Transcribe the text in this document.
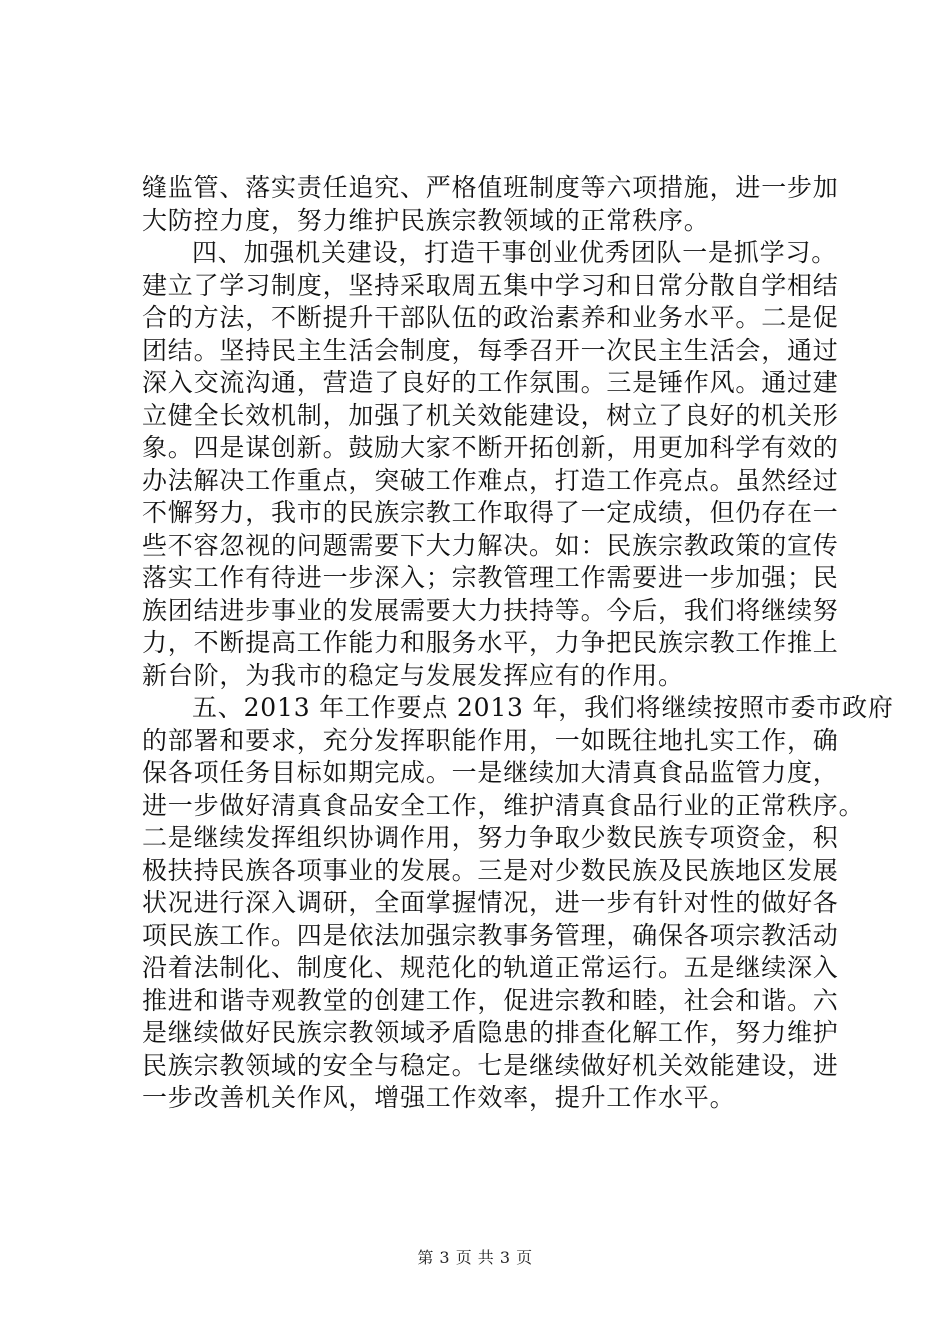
缝监管、落实责任追究、严格值班制度等六项措施，进一步加
大防控力度，努力维护民族宗教领域的正常秩序。
四、加强机关建设，打造干事创业优秀团队一是抓学习。
建立了学习制度，坚持采取周五集中学习和日常分散自学相结
合的方法，不断提升干部队伍的政治素养和业务水平。二是促
团结。坚持民主生活会制度，每季召开一次民主生活会，通过
深入交流沟通，营造了良好的工作氛围。三是锤作风。通过建
立健全长效机制，加强了机关效能建设，树立了良好的机关形
象。四是谋创新。鼓励大家不断开拓创新，用更加科学有效的
办法解决工作重点，突破工作难点，打造工作亮点。虽然经过
不懈努力，我市的民族宗教工作取得了一定成绩，但仍存在一
些不容忽视的问题需要下大力解决。如：民族宗教政策的宣传
落实工作有待进一步深入；宗教管理工作需要进一步加强；民
族团结进步事业的发展需要大力扶持等。今后，我们将继续努
力，不断提高工作能力和服务水平，力争把民族宗教工作推上
新台阶，为我市的稳定与发展发挥应有的作用。
五、2013 年工作要点 2013 年，我们将继续按照市委市政府
的部署和要求，充分发挥职能作用，一如既往地扎实工作，确
保各项任务目标如期完成。一是继续加大清真食品监管力度，
进一步做好清真食品安全工作，维护清真食品行业的正常秩序。
二是继续发挥组织协调作用，努力争取少数民族专项资金，积
极扶持民族各项事业的发展。三是对少数民族及民族地区发展
状况进行深入调研，全面掌握情况，进一步有针对性的做好各
项民族工作。四是依法加强宗教事务管理，确保各项宗教活动
沿着法制化、制度化、规范化的轨道正常运行。五是继续深入
推进和谐寺观教堂的创建工作，促进宗教和睦，社会和谐。六
是继续做好民族宗教领域矛盾隐患的排查化解工作，努力维护
民族宗教领域的安全与稳定。七是继续做好机关效能建设，进
一步改善机关作风，增强工作效率，提升工作水平。
第 3 页 共 3 页
